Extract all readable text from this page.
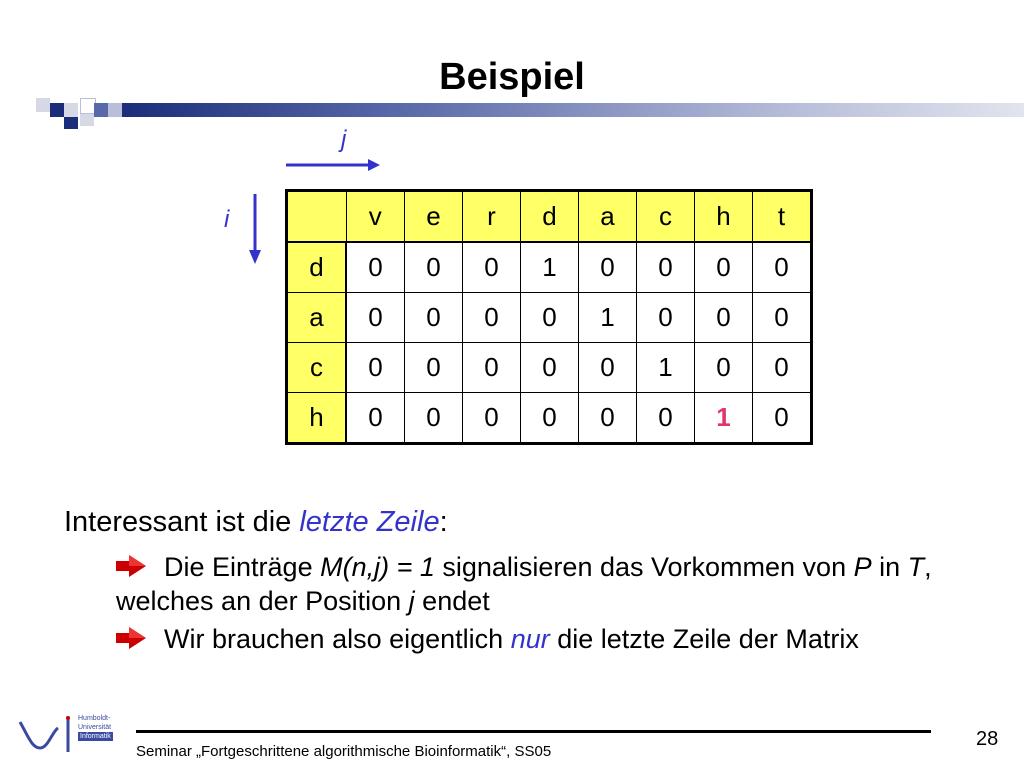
Beispiel
j
i
		v	e	r	d	a	c	h	t
d	0	0	0	1	0	0	0	0
a	0	0	0	0	1	0	0	0
c	0	0	0	0	0	1	0	0
h	0	0	0	0	0	0	1	0
Interessant ist die letzte Zeile:
Die Einträge M(n,j) = 1 signalisieren das Vorkommen von P in T, welches an der Position j endet
Wir brauchen also eigentlich nur die letzte Zeile der Matrix
Humboldt-
Universität
Informatik
Seminar „Fortgeschrittene algorithmische Bioinformatik“, SS05
28
